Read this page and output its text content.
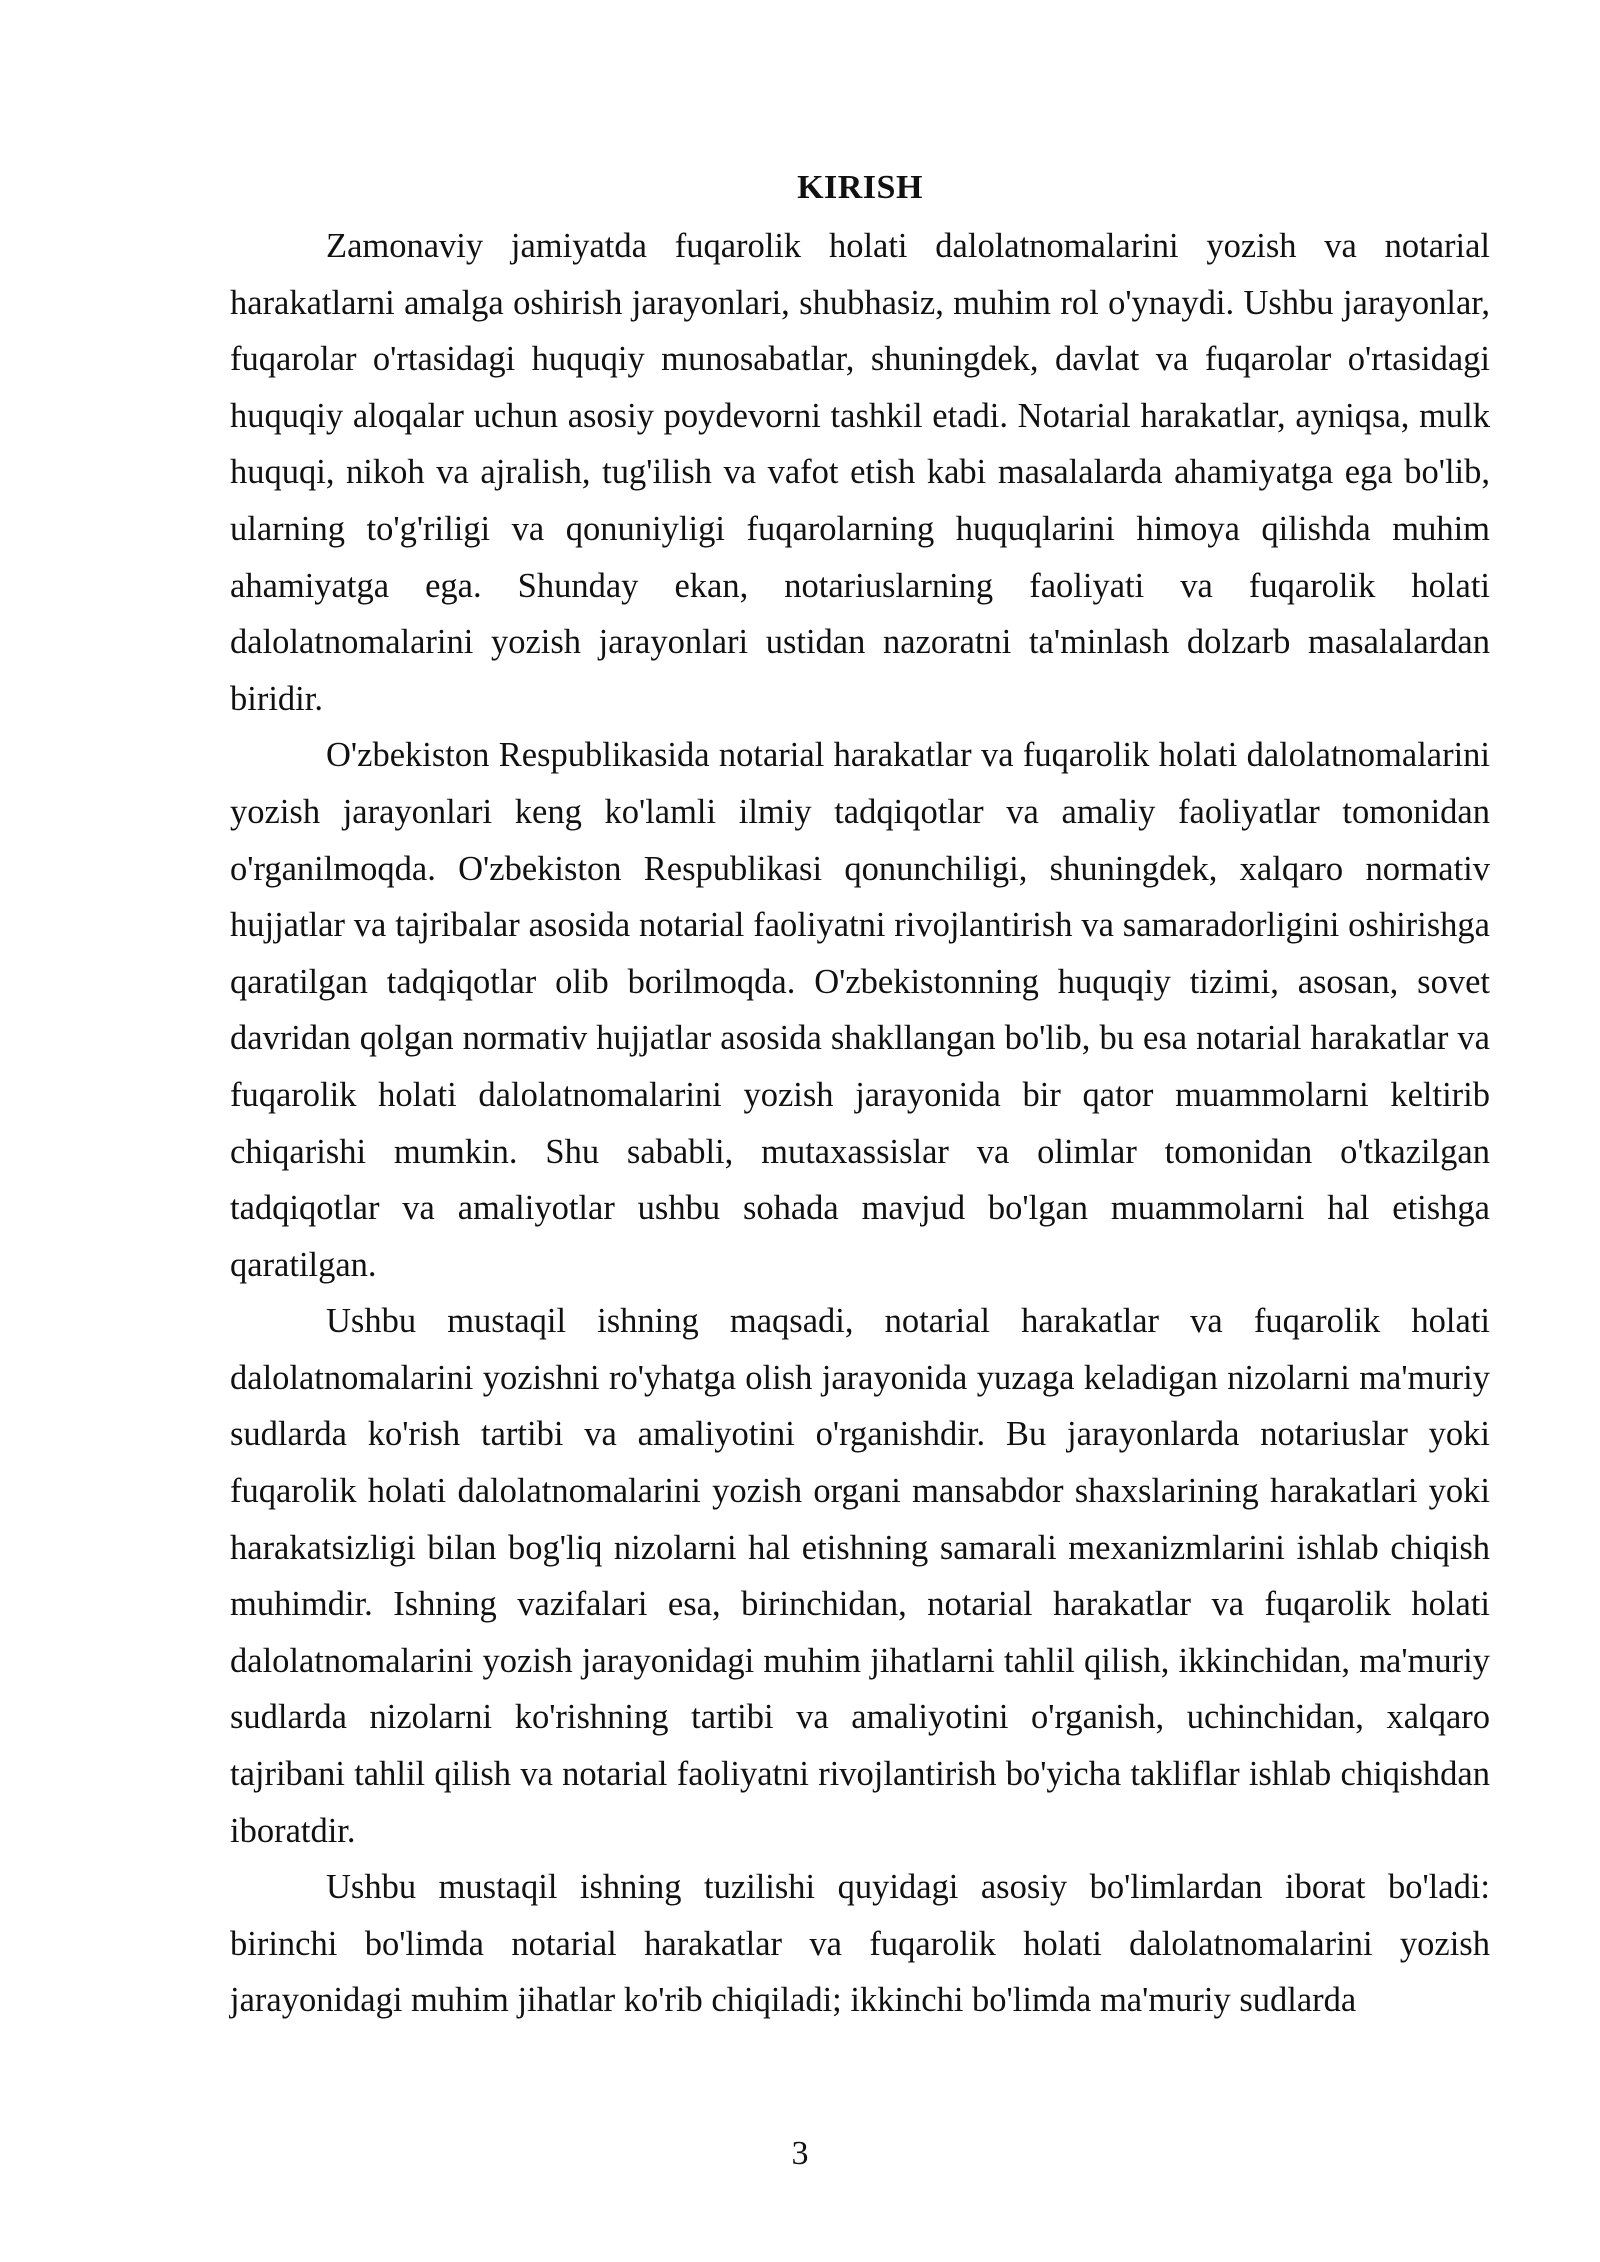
KIRISH

Zamonaviy jamiyatda fuqarolik holati dalolatnomalarini yozish va notarial harakatlarni amalga oshirish jarayonlari, shubhasiz, muhim rol o'ynaydi. Ushbu jarayonlar, fuqarolar o'rtasidagi huquqiy munosabatlar, shuningdek, davlat va fuqarolar o'rtasidagi huquqiy aloqalar uchun asosiy poydevorni tashkil etadi. Notarial harakatlar, ayniqsa, mulk huquqi, nikoh va ajralish, tug'ilish va vafot etish kabi masalalarda ahamiyatga ega bo'lib, ularning to'g'riligi va qonuniyligi fuqarolarning huquqlarini himoya qilishda muhim ahamiyatga ega. Shunday ekan, notariuslarning faoliyati va fuqarolik holati dalolatnomalarini yozish jarayonlari ustidan nazoratni ta'minlash dolzarb masalalardan biridir.

O'zbekiston Respublikasida notarial harakatlar va fuqarolik holati dalolatnomalarini yozish jarayonlari keng ko'lamli ilmiy tadqiqotlar va amaliy faoliyatlar tomonidan o'rganilmoqda. O'zbekiston Respublikasi qonunchiligi, shuningdek, xalqaro normativ hujjatlar va tajribalar asosida notarial faoliyatni rivojlantirish va samaradorligini oshirishga qaratilgan tadqiqotlar olib borilmoqda. O'zbekistonning huquqiy tizimi, asosan, sovet davridan qolgan normativ hujjatlar asosida shakllangan bo'lib, bu esa notarial harakatlar va fuqarolik holati dalolatnomalarini yozish jarayonida bir qator muammolarni keltirib chiqarishi mumkin. Shu sababli, mutaxassislar va olimlar tomonidan o'tkazilgan tadqiqotlar va amaliyotlar ushbu sohada mavjud bo'lgan muammolarni hal etishga qaratilgan.

Ushbu mustaqil ishning maqsadi, notarial harakatlar va fuqarolik holati dalolatnomalarini yozishni ro'yhatga olish jarayonida yuzaga keladigan nizolarni ma'muriy sudlarda ko'rish tartibi va amaliyotini o'rganishdir. Bu jarayonlarda notariuslar yoki fuqarolik holati dalolatnomalarini yozish organi mansabdor shaxslarining harakatlari yoki harakatsizligi bilan bog'liq nizolarni hal etishning samarali mexanizmlarini ishlab chiqish muhimdir. Ishning vazifalari esa, birinchidan, notarial harakatlar va fuqarolik holati dalolatnomalarini yozish jarayonidagi muhim jihatlarni tahlil qilish, ikkinchidan, ma'muriy sudlarda nizolarni ko'rishning tartibi va amaliyotini o'rganish, uchinchidan, xalqaro tajribani tahlil qilish va notarial faoliyatni rivojlantirish bo'yicha takliflar ishlab chiqishdan iboratdir.

Ushbu mustaqil ishning tuzilishi quyidagi asosiy bo'limlardan iborat bo'ladi: birinchi bo'limda notarial harakatlar va fuqarolik holati dalolatnomalarini yozish jarayonidagi muhim jihatlar ko'rib chiqiladi; ikkinchi bo'limda ma'muriy sudlarda

3
